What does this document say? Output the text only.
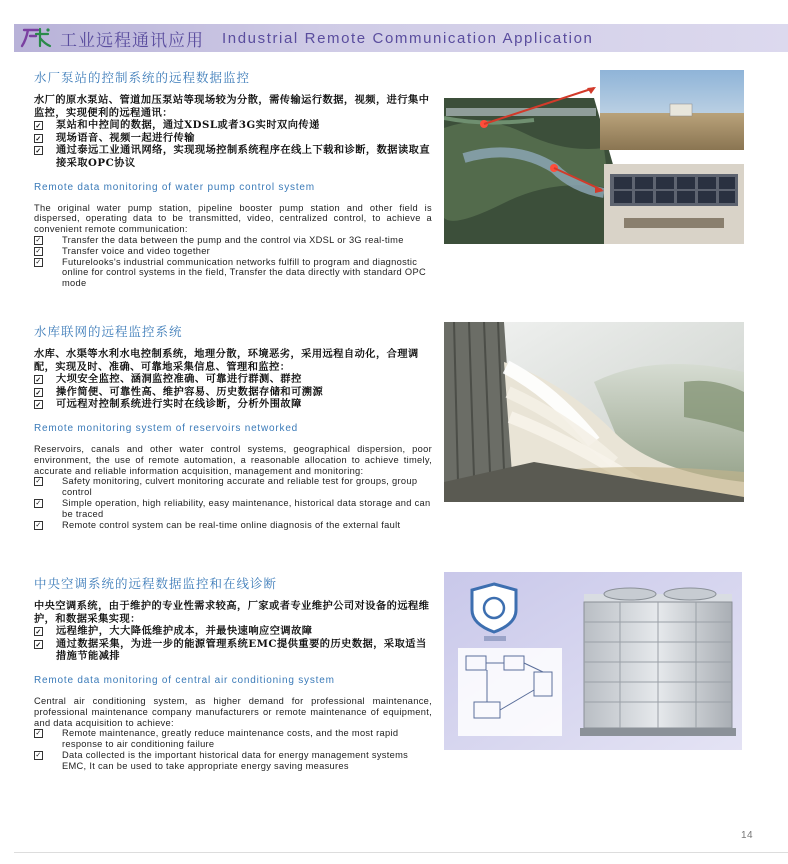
工业远程通讯应用 Industrial Remote Communication Application
水厂泵站的控制系统的远程数据监控

水厂的原水泵站、管道加压泵站等现场较为分散，需传输运行数据，视频，进行集中监控，实现便利的远程通讯：

✓ 泵站和中控间的数据，通过XDSL或者3G实时双向传递
✓ 现场语音、视频一起进行传输
✓ 通过泰远工业通讯网络，实现现场控制系统程序在线上下载和诊断，数据读取直接采取OPC协议
Remote data monitoring of water pump control system

The original water pump station, pipeline booster pump station and other field is dispersed, operating data to be transmitted, video, centralized control, to achieve a convenient remote communication:

✓ Transfer the data between the pump and the control via XDSL or 3G real-time
✓ Transfer voice and video together
✓ Futurelooks's industrial communication networks fulfill to program and diagnostic online for control systems in the field, Transfer the data directly with standard OPC mode
水库联网的远程监控系统

水库、水渠等水利水电控制系统，地理分散，环境恶劣，采用远程自动化，合理调配，实现及时、准确、可靠地采集信息、管理和监控：

✓ 大坝安全监控、涵洞监控准确、可靠进行群测、群控
✓ 操作简便、可靠性高、维护容易、历史数据存储和可溯源
✓ 可远程对控制系统进行实时在线诊断，分析外围故障
Remote monitoring system of reservoirs networked

Reservoirs, canals and other water control systems, geographical dispersion, poor environment, the use of remote automation, a reasonable allocation to achieve timely, accurate and reliable information acquisition, management and monitoring:

✓ Safety monitoring, culvert monitoring accurate and reliable test for groups, group control
✓ Simple operation, high reliability, easy maintenance, historical data storage and can be traced
✓ Remote control system can be real-time online diagnosis of the external fault
中央空调系统的远程数据监控和在线诊断

中央空调系统，由于维护的专业性需求较高，厂家或者专业维护公司对设备的远程维护，和数据采集实现：

✓ 远程维护，大大降低维护成本，并最快速响应空调故障
✓ 通过数据采集，为进一步的能源管理系统EMC提供重要的历史数据，采取适当措施节能减排
Remote data monitoring of central air conditioning system

Central air conditioning system, as higher demand for professional maintenance, professional maintenance company manufacturers or remote maintenance of equipment, and data acquisition to achieve:

✓ Remote maintenance, greatly reduce maintenance costs, and the most rapid response to air conditioning failure
✓ Data collected is the important historical data for energy management systems EMC, It can be used to take appropriate energy saving measures
14
